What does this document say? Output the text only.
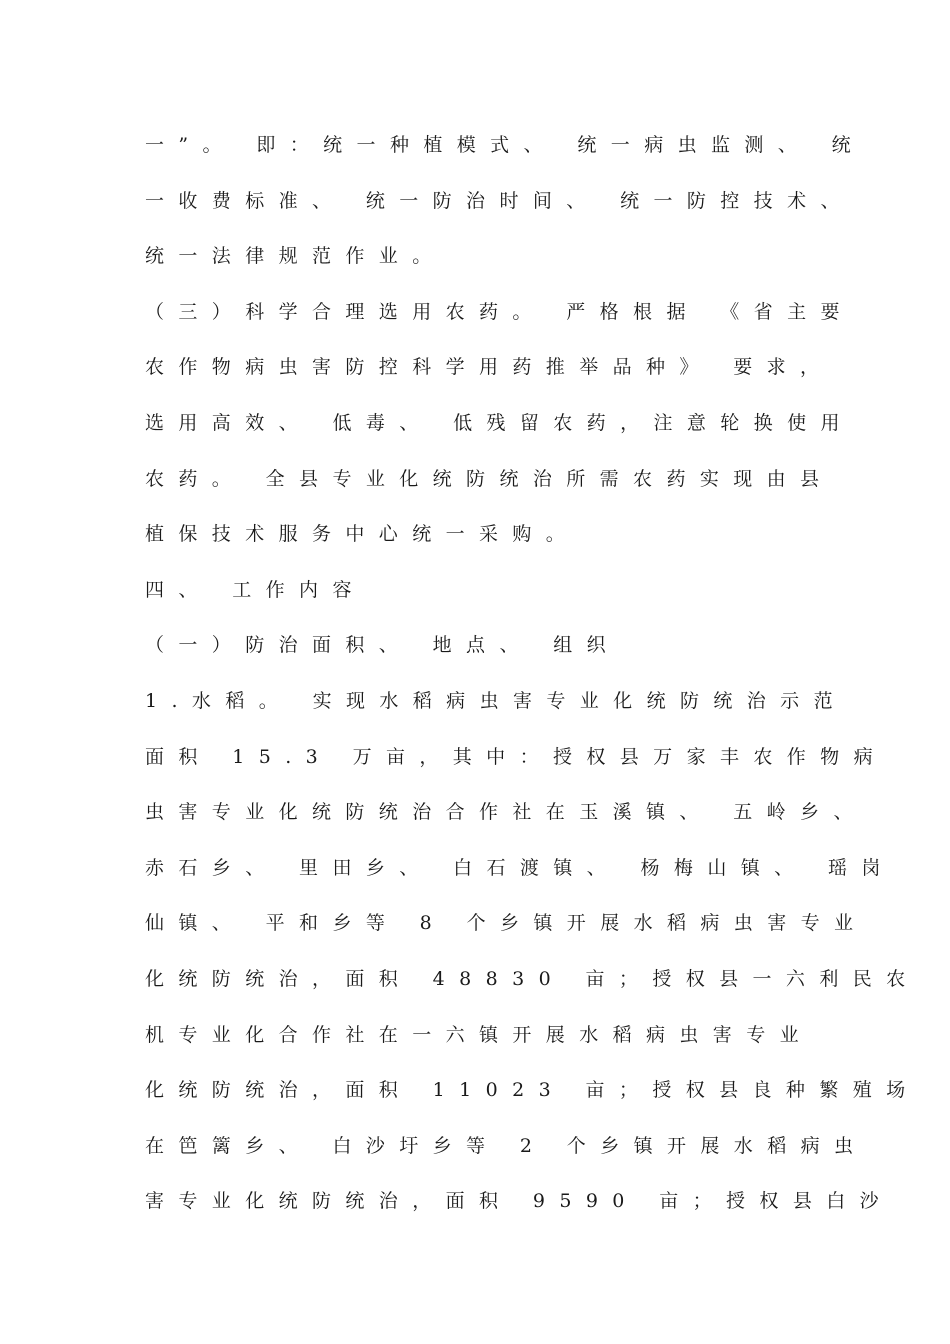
一”。 即：统一种植模式、 统一病虫监测、 统
一收费标准、 统一防治时间、 统一防控技术、
统一法律规范作业。
（三）科学合理选用农药。 严格根据 《省主要
农作物病虫害防控科学用药推举品种》 要求，
选用高效、 低毒、 低残留农药，注意轮换使用
农药。 全县专业化统防统治所需农药实现由县
植保技术服务中心统一采购。
四、 工作内容
（一）防治面积、 地点、 组织
1.水稻。 实现水稻病虫害专业化统防统治示范
面积 15.3 万亩，其中：授权县万家丰农作物病
虫害专业化统防统治合作社在玉溪镇、 五岭乡、
赤石乡、 里田乡、 白石渡镇、 杨梅山镇、 瑶岗
仙镇、 平和乡等 8 个乡镇开展水稻病虫害专业
化统防统治，面积 48830 亩；授权县一六利民农
机专业化合作社在一六镇开展水稻病虫害专业
化统防统治，面积 11023 亩；授权县良种繁殖场
在笆篱乡、 白沙圩乡等 2 个乡镇开展水稻病虫
害专业化统防统治，面积 9590 亩；授权县白沙
